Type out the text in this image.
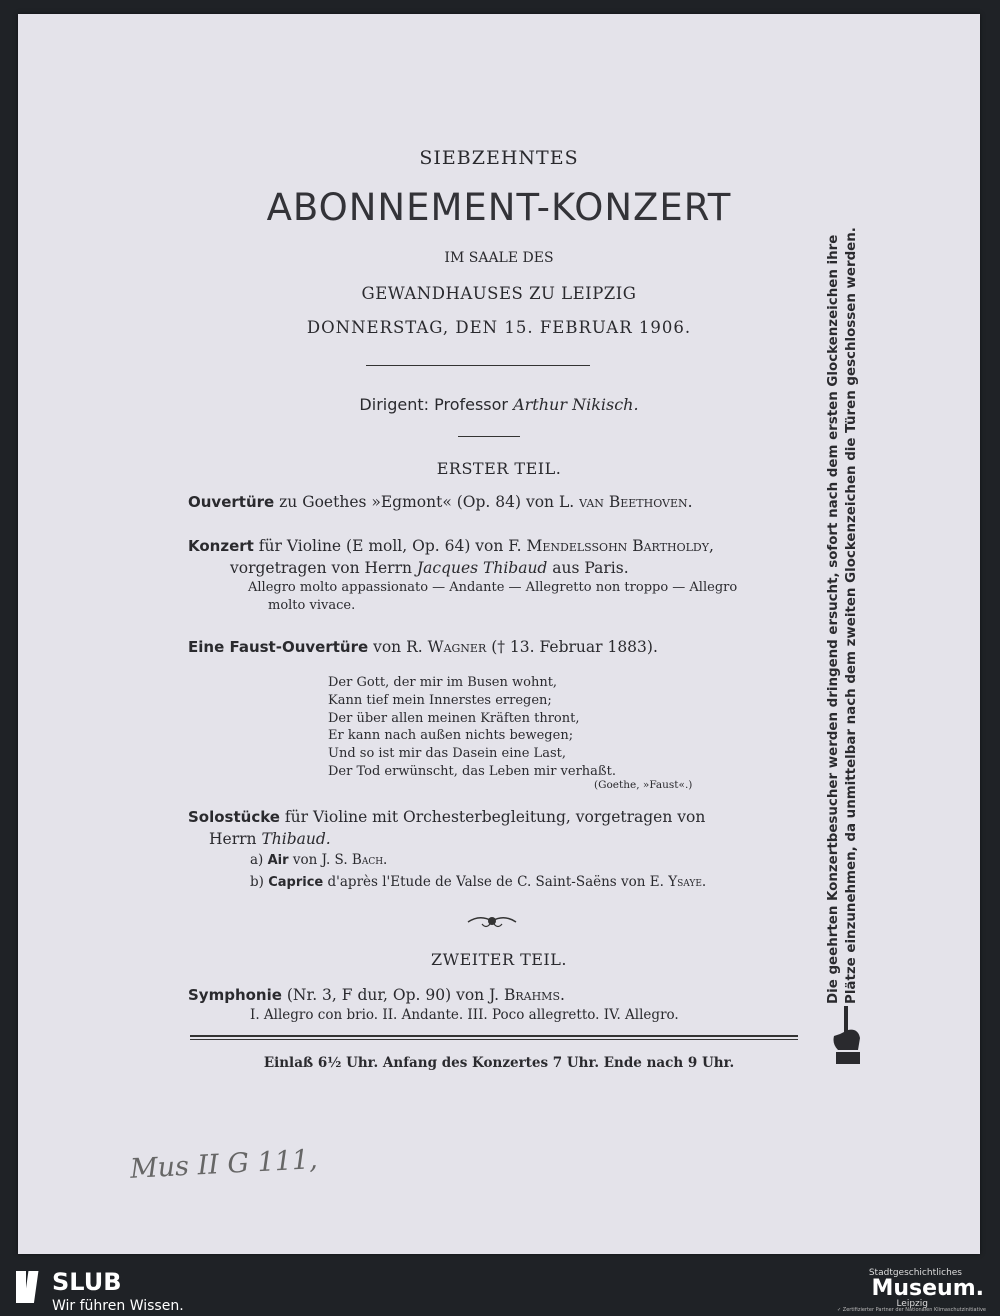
SIEBZEHNTES
ABONNEMENT-KONZERT
IM SAALE DES
GEWANDHAUSES ZU LEIPZIG
DONNERSTAG, DEN 15. FEBRUAR 1906.
Dirigent: Professor Arthur Nikisch.
ERSTER TEIL.
Ouvertüre zu Goethes »Egmont« (Op. 84) von L. van Beethoven.
Konzert für Violine (E moll, Op. 64) von F. Mendelssohn Bartholdy,
vorgetragen von Herrn Jacques Thibaud aus Paris.
Allegro molto appassionato — Andante — Allegretto non troppo — Allegro
molto vivace.
Eine Faust-Ouvertüre von R. Wagner († 13. Februar 1883).
Der Gott, der mir im Busen wohnt,
Kann tief mein Innerstes erregen;
Der über allen meinen Kräften thront,
Er kann nach außen nichts bewegen;
Und so ist mir das Dasein eine Last,
Der Tod erwünscht, das Leben mir verhaßt.
(Goethe, »Faust«.)
Solostücke für Violine mit Orchesterbegleitung, vorgetragen von
Herrn Thibaud.
a) Air von J. S. Bach.
b) Caprice d'après l'Etude de Valse de C. Saint-Saëns von E. Ysaye.
ZWEITER TEIL.
Symphonie (Nr. 3, F dur, Op. 90) von J. Brahms.
I. Allegro con brio. II. Andante. III. Poco allegretto. IV. Allegro.
Einlaß 6½ Uhr. Anfang des Konzertes 7 Uhr. Ende nach 9 Uhr.
Die geehrten Konzertbesucher werden dringend ersucht, sofort nach dem ersten Glockenzeichen ihre Plätze einzunehmen, da unmittelbar nach dem zweiten Glockenzeichen die Türen geschlossen werden.
Mus II G 111,
SLUB
Wir führen Wissen.
Stadtgeschichtliches
Museum.
Leipzig
✓ Zertifizierter Partner der Nationalen Klimaschutzinitiative
